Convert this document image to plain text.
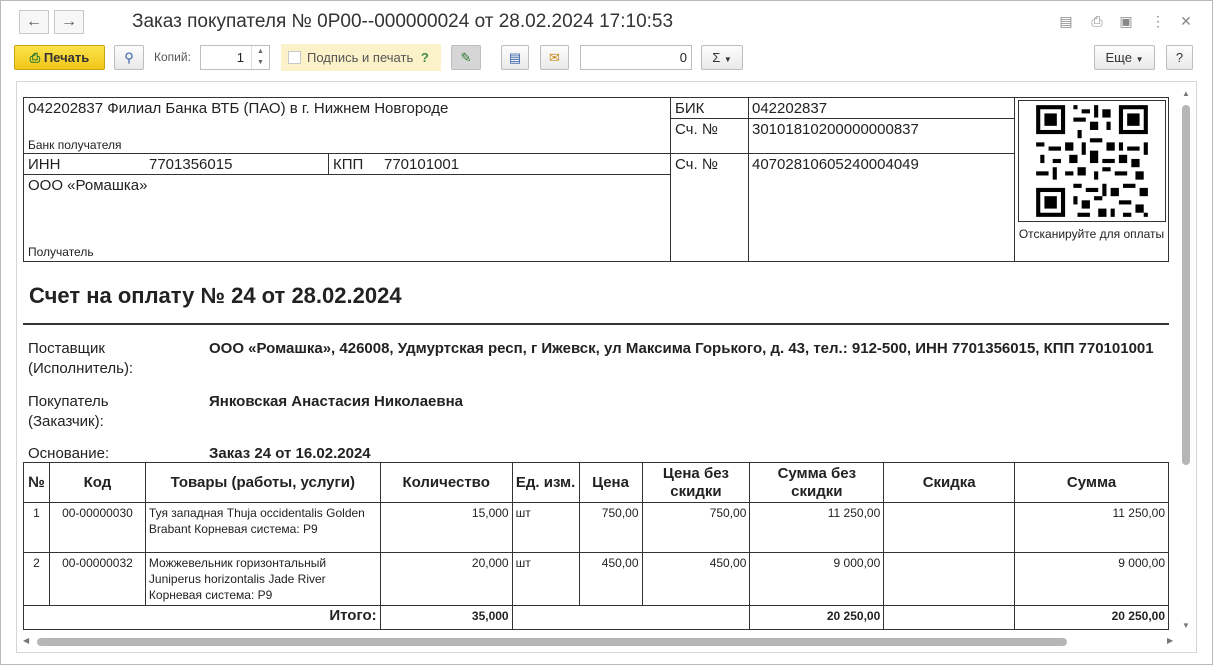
←	→	Заказ покупателя № 0Р00--000000024 от 28.02.2024 17:10:53	▤ ⎙ ▣ ⋮ ✕
⎙ Печать	⚲	Копий:	1	▲
▼	Подпись и печать ?	✎	▤	✉	0	Σ ▼	Еще ▼	?
042202837 Филиал Банка ВТБ (ПАО) в г. Нижнем Новгороде
Банк получателя
ИНН	7701356015	КПП 770101001
ООО «Ромашка»
Получатель
БИК	042202837
Сч. №	30101810200000000837
Сч. №	40702810605240004049
Отсканируйте для оплаты
Счет на оплату № 24 от 28.02.2024
Поставщик (Исполнитель):
ООО «Ромашка», 426008, Удмуртская респ, г Ижевск, ул Максима Горького, д. 43, тел.: 912-500, ИНН 7701356015, КПП 770101001
Покупатель (Заказчик):
Янковская Анастасия Николаевна
Основание:	Заказ 24 от 16.02.2024
№	Код	Товары (работы, услуги)	Количество	Ед. изм.	Цена	Цена без скидки	Сумма без скидки	Скидка	Сумма
1	00-00000030	Туя западная Thuja occidentalis Golden Brabant Корневая система: Р9	15,000	шт	750,00	750,00	11 250,00		11 250,00
2	00-00000032	Можжевельник горизонтальный Juniperus horizontalis Jade River Корневая система: Р9	20,000	шт	450,00	450,00	9 000,00		9 000,00
Итого:			35,000				20 250,00		20 250,00
▲
▼
◀	▶
